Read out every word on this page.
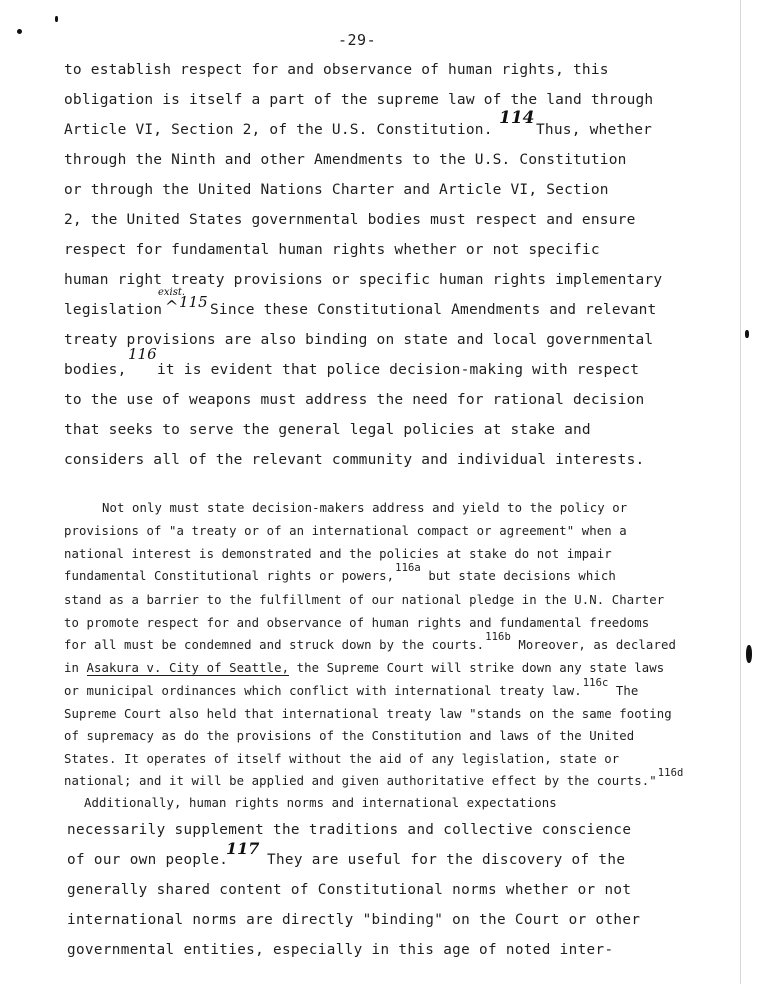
-29-
to establish respect for and observance of human rights, this
obligation is itself a part of the supreme law of the land through
Article VI, Section 2, of the U.S. Constitution.
114
Thus, whether
through the Ninth and other Amendments to the U.S. Constitution
or through the United Nations Charter and Article VI, Section
2, the United States governmental bodies must respect and ensure
respect for fundamental human rights whether or not specific
human right treaty provisions or specific human rights implementary
legislation
exist.
^ 115 Since these Constitutional Amendments and relevant
treaty provisions are also binding on state and local governmental
bodies,
116
it is evident that police decision-making with respect
to the use of weapons must address the need for rational decision
that seeks to serve the general legal policies at stake and
considers all of the relevant community and individual interests.
Not only must state decision-makers address and yield to the policy or
provisions of "a treaty or of an international compact or agreement" when a
national interest is demonstrated and the policies at stake do not impair
fundamental Constitutional rights or powers,116a but state decisions which
stand as a barrier to the fulfillment of our national pledge in the U.N. Charter
to promote respect for and observance of human rights and fundamental freedoms
for all must be condemned and struck down by the courts.116b Moreover, as declared
in Asakura v. City of Seattle, the Supreme Court will strike down any state laws
or municipal ordinances which conflict with international treaty law.116c The
Supreme Court also held that international treaty law "stands on the same footing
of supremacy as do the provisions of the Constitution and laws of the United
States. It operates of itself without the aid of any legislation, state or
national; and it will be applied and given authoritative effect by the courts."116d
Additionally, human rights norms and international expectations
necessarily supplement the traditions and collective conscience
of our own people.
117
They are useful for the discovery of the
generally shared content of Constitutional norms whether or not
international norms are directly "binding" on the Court or other
governmental entities, especially in this age of noted inter-
